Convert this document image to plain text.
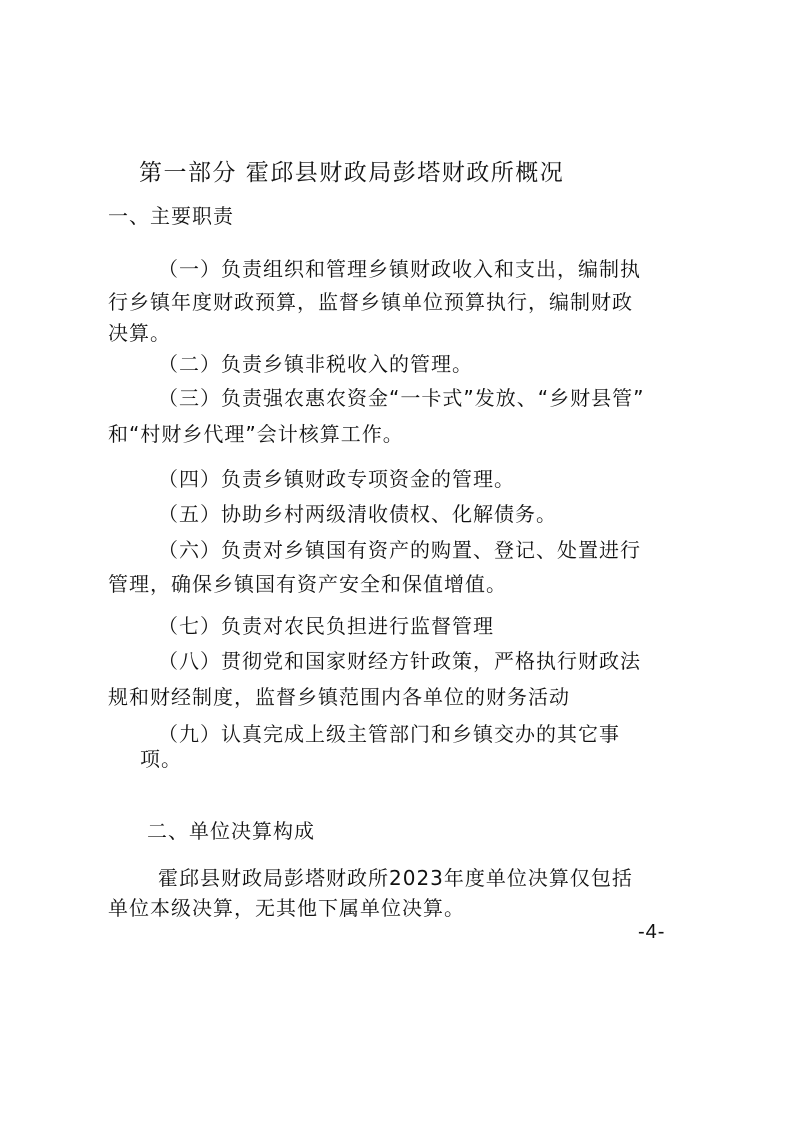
第一部分 霍邱县财政局彭塔财政所概况
一、主要职责
（一）负责组织和管理乡镇财政收入和支出，编制执
行乡镇年度财政预算，监督乡镇单位预算执行，编制财政
决算。
（二）负责乡镇非税收入的管理。
（三）负责强农惠农资金“一卡式”发放、“乡财县管”
和“村财乡代理”会计核算工作。
（四）负责乡镇财政专项资金的管理。
（五）协助乡村两级清收债权、化解债务。
（六）负责对乡镇国有资产的购置、登记、处置进行
管理，确保乡镇国有资产安全和保值增值。
（七）负责对农民负担进行监督管理
（八）贯彻党和国家财经方针政策，严格执行财政法
规和财经制度，监督乡镇范围内各单位的财务活动
（九）认真完成上级主管部门和乡镇交办的其它事
项。
二、单位决算构成
霍邱县财政局彭塔财政所2023年度单位决算仅包括
单位本级决算，无其他下属单位决算。
-4-
